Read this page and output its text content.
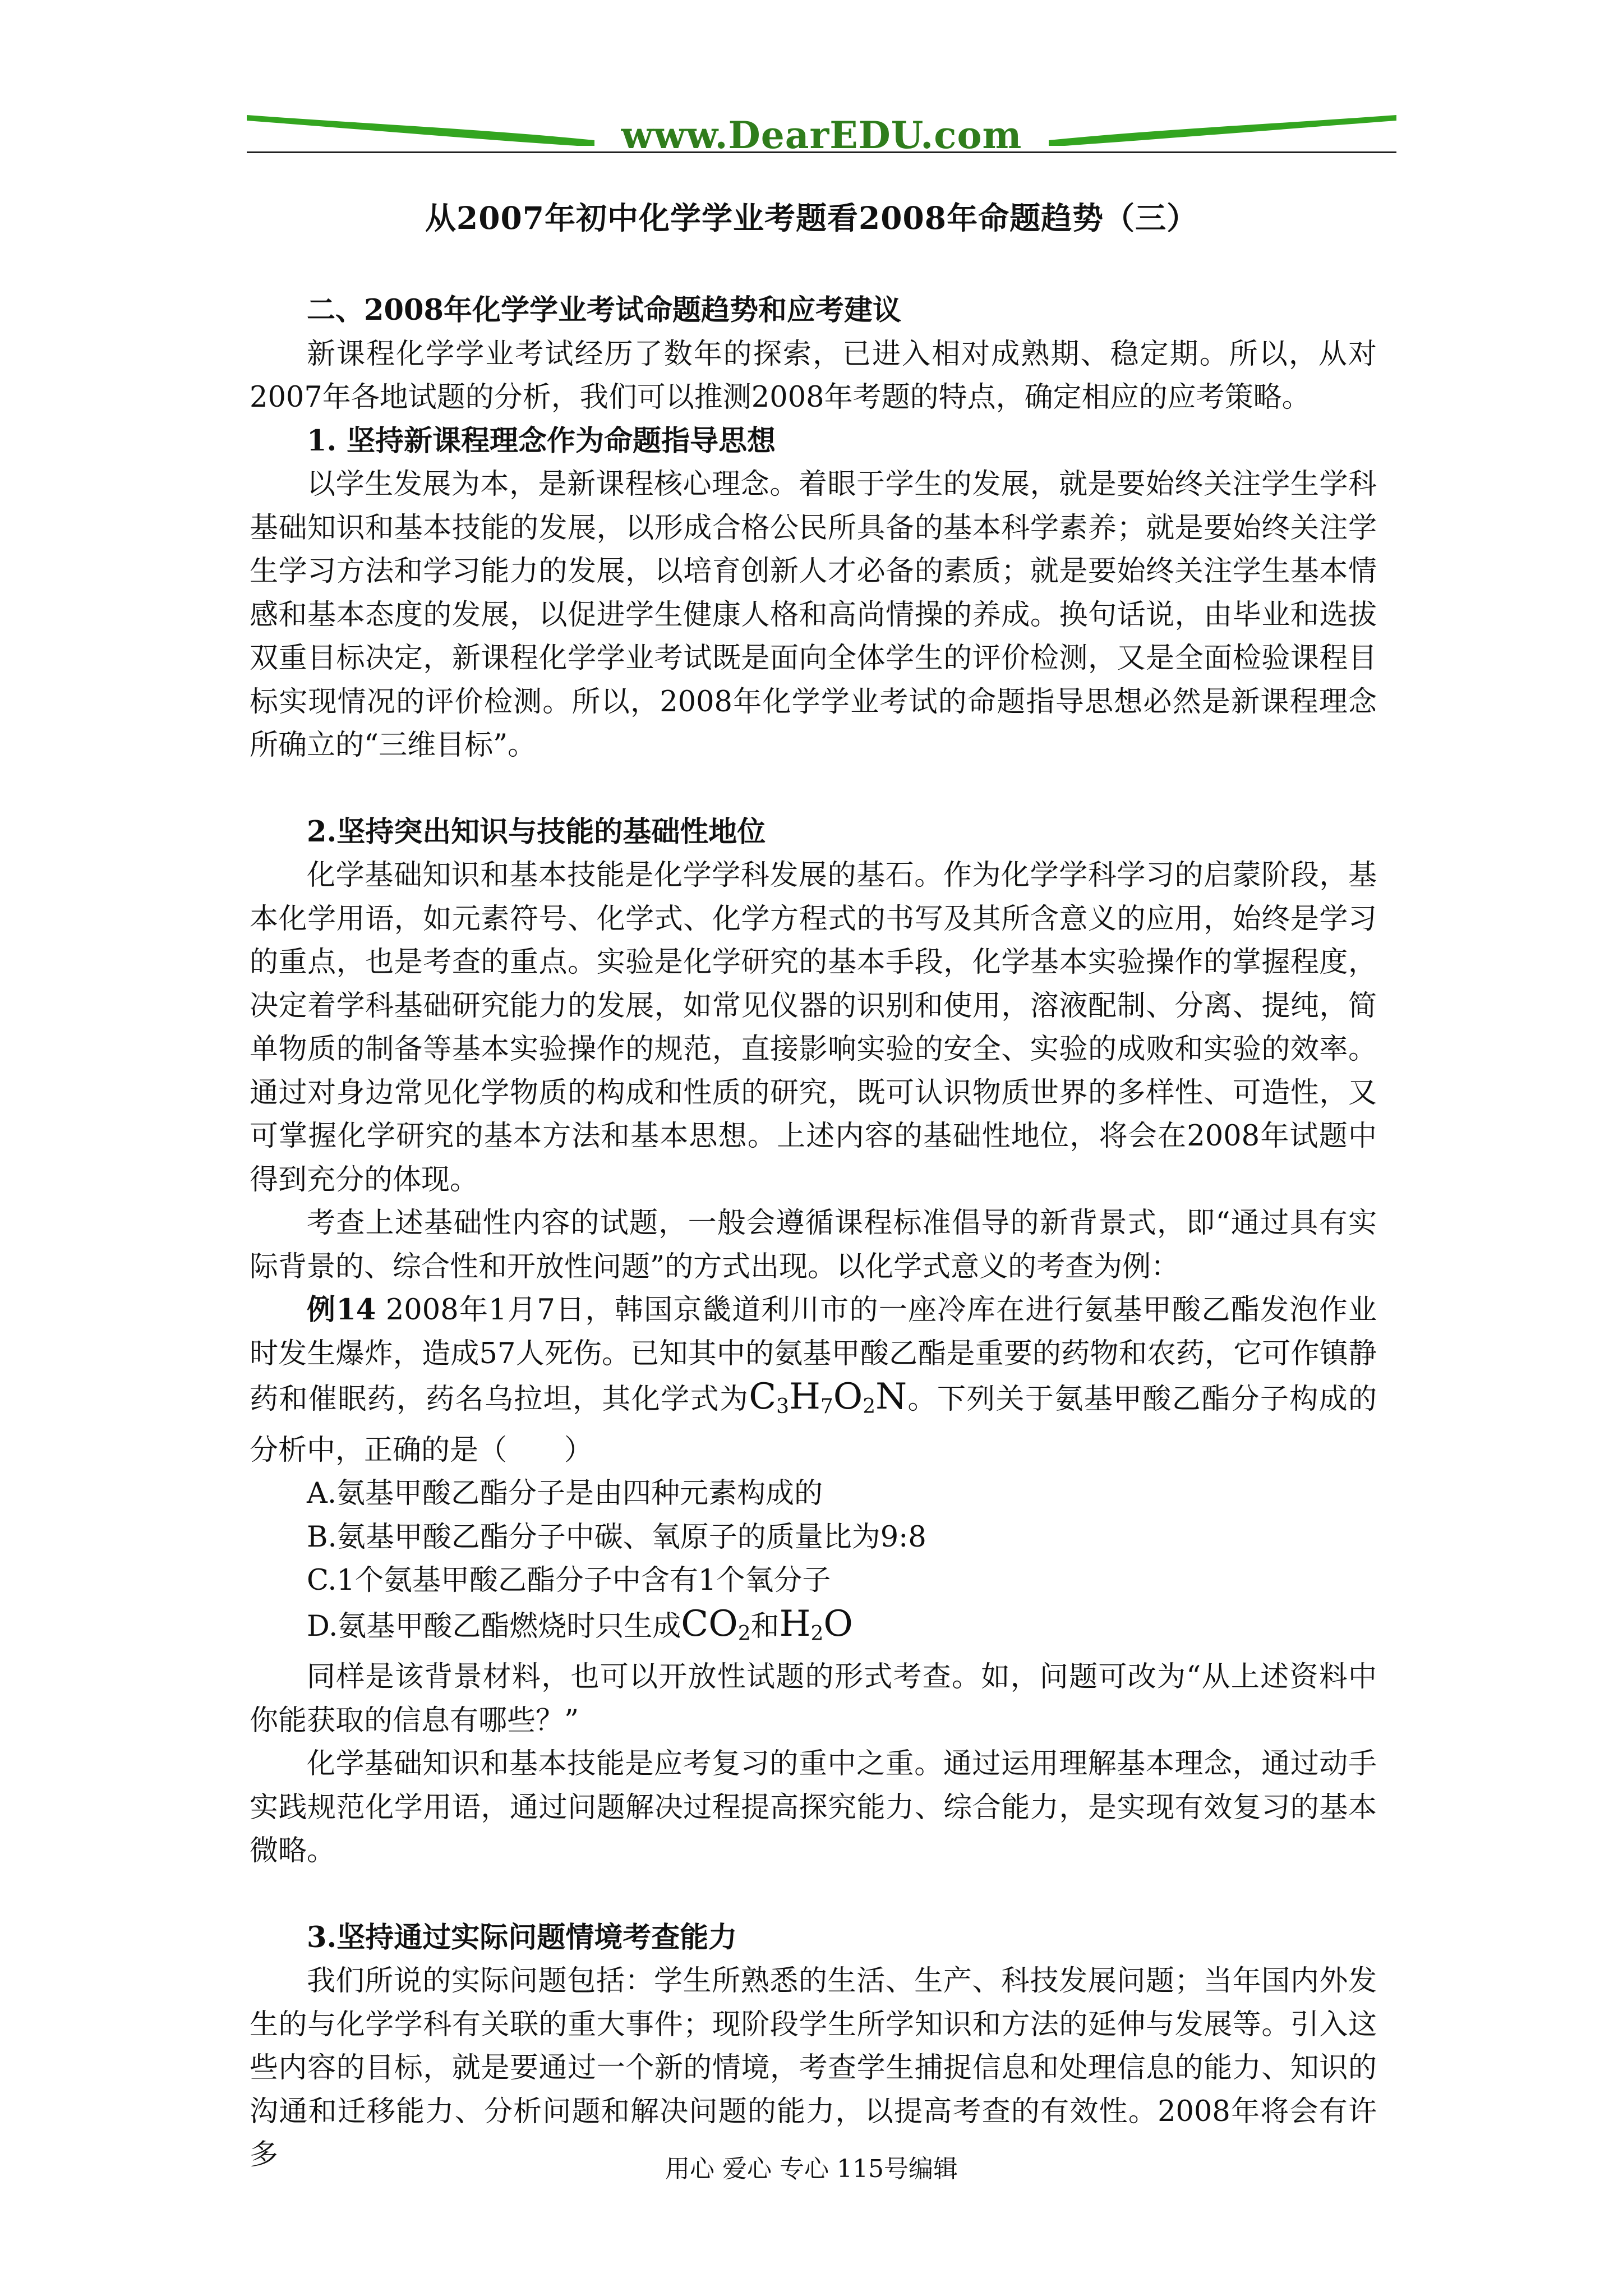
www.DearEDU.com
从2007年初中化学学业考题看2008年命题趋势（三）

二、2008年化学学业考试命题趋势和应考建议

新课程化学学业考试经历了数年的探索，已进入相对成熟期、稳定期。所以，从对2007年各地试题的分析，我们可以推测2008年考题的特点，确定相应的应考策略。

1. 坚持新课程理念作为命题指导思想

以学生发展为本，是新课程核心理念。着眼于学生的发展，就是要始终关注学生学科基础知识和基本技能的发展，以形成合格公民所具备的基本科学素养；就是要始终关注学生学习方法和学习能力的发展，以培育创新人才必备的素质；就是要始终关注学生基本情感和基本态度的发展，以促进学生健康人格和高尚情操的养成。换句话说，由毕业和选拔双重目标决定，新课程化学学业考试既是面向全体学生的评价检测，又是全面检验课程目标实现情况的评价检测。所以，2008年化学学业考试的命题指导思想必然是新课程理念所确立的“三维目标”。

2.坚持突出知识与技能的基础性地位

化学基础知识和基本技能是化学学科发展的基石。作为化学学科学习的启蒙阶段，基本化学用语，如元素符号、化学式、化学方程式的书写及其所含意义的应用，始终是学习的重点，也是考查的重点。实验是化学研究的基本手段，化学基本实验操作的掌握程度，决定着学科基础研究能力的发展，如常见仪器的识别和使用，溶液配制、分离、提纯，简单物质的制备等基本实验操作的规范，直接影响实验的安全、实验的成败和实验的效率。通过对身边常见化学物质的构成和性质的研究，既可认识物质世界的多样性、可造性，又可掌握化学研究的基本方法和基本思想。上述内容的基础性地位，将会在2008年试题中得到充分的体现。

考查上述基础性内容的试题，一般会遵循课程标准倡导的新背景式，即“通过具有实际背景的、综合性和开放性问题”的方式出现。以化学式意义的考查为例：

例14 2008年1月7日，韩国京畿道利川市的一座冷库在进行氨基甲酸乙酯发泡作业时发生爆炸，造成57人死伤。已知其中的氨基甲酸乙酯是重要的药物和农药，它可作镇静药和催眠药，药名乌拉坦，其化学式为$C_3H_7O_2N$。下列关于氨基甲酸乙酯分子构成的分析中，正确的是（　　）

A.氨基甲酸乙酯分子是由四种元素构成的

B.氨基甲酸乙酯分子中碳、氧原子的质量比为9:8

C.1个氨基甲酸乙酯分子中含有1个氧分子

D.氨基甲酸乙酯燃烧时只生成$CO_2$和$H_2O$

同样是该背景材料，也可以开放性试题的形式考查。如，问题可改为“从上述资料中你能获取的信息有哪些？”

化学基础知识和基本技能是应考复习的重中之重。通过运用理解基本理念，通过动手实践规范化学用语，通过问题解决过程提高探究能力、综合能力，是实现有效复习的基本微略。

3.坚持通过实际问题情境考查能力

我们所说的实际问题包括：学生所熟悉的生活、生产、科技发展问题；当年国内外发生的与化学学科有关联的重大事件；现阶段学生所学知识和方法的延伸与发展等。引入这些内容的目标，就是要通过一个新的情境，考查学生捕捉信息和处理信息的能力、知识的沟通和迁移能力、分析问题和解决问题的能力，以提高考查的有效性。2008年将会有许多	用心 爱心 专心 115号编辑
